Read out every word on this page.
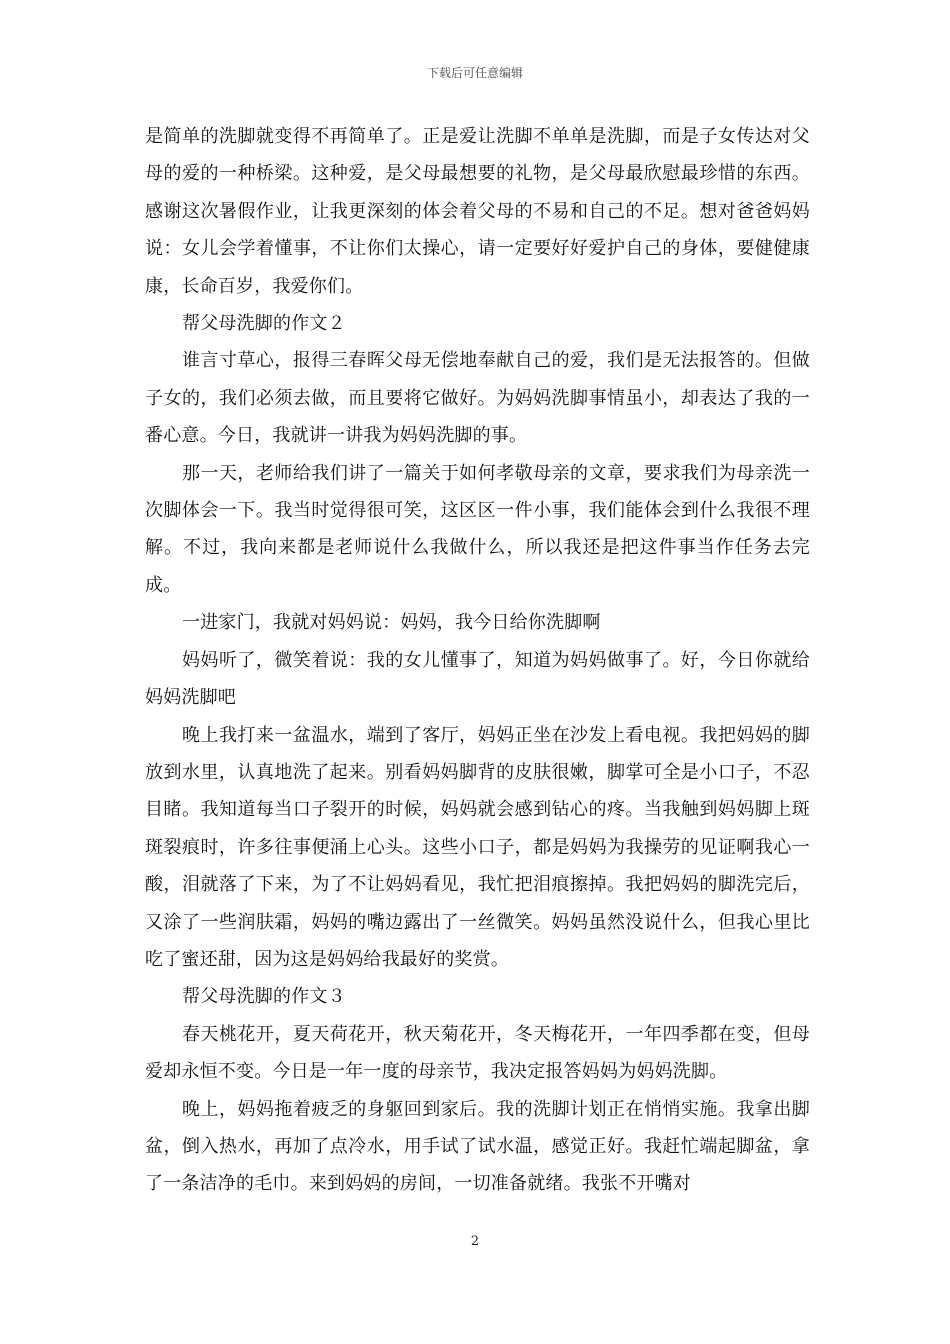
下载后可任意编辑

是简单的洗脚就变得不再简单了。正是爱让洗脚不单单是洗脚，而是子女传达对父母的爱的一种桥梁。这种爱，是父母最想要的礼物，是父母最欣慰最珍惜的东西。感谢这次暑假作业，让我更深刻的体会着父母的不易和自己的不足。想对爸爸妈妈说：女儿会学着懂事，不让你们太操心，请一定要好好爱护自己的身体，要健健康康，长命百岁，我爱你们。

帮父母洗脚的作文２

谁言寸草心，报得三春晖父母无偿地奉献自己的爱，我们是无法报答的。但做子女的，我们必须去做，而且要将它做好。为妈妈洗脚事情虽小，却表达了我的一番心意。今日，我就讲一讲我为妈妈洗脚的事。

那一天，老师给我们讲了一篇关于如何孝敬母亲的文章，要求我们为母亲洗一次脚体会一下。我当时觉得很可笑，这区区一件小事，我们能体会到什么我很不理解。不过，我向来都是老师说什么我做什么，所以我还是把这件事当作任务去完成。

一进家门，我就对妈妈说：妈妈，我今日给你洗脚啊

妈妈听了，微笑着说：我的女儿懂事了，知道为妈妈做事了。好，今日你就给妈妈洗脚吧

晚上我打来一盆温水，端到了客厅，妈妈正坐在沙发上看电视。我把妈妈的脚放到水里，认真地洗了起来。别看妈妈脚背的皮肤很嫩，脚掌可全是小口子，不忍目睹。我知道每当口子裂开的时候，妈妈就会感到钻心的疼。当我触到妈妈脚上斑斑裂痕时，许多往事便涌上心头。这些小口子，都是妈妈为我操劳的见证啊我心一酸，泪就落了下来，为了不让妈妈看见，我忙把泪痕擦掉。我把妈妈的脚洗完后，又涂了一些润肤霜，妈妈的嘴边露出了一丝微笑。妈妈虽然没说什么，但我心里比吃了蜜还甜，因为这是妈妈给我最好的奖赏。

帮父母洗脚的作文３

春天桃花开，夏天荷花开，秋天菊花开，冬天梅花开，一年四季都在变，但母爱却永恒不变。今日是一年一度的母亲节，我决定报答妈妈为妈妈洗脚。

晚上，妈妈拖着疲乏的身躯回到家后。我的洗脚计划正在悄悄实施。我拿出脚盆，倒入热水，再加了点冷水，用手试了试水温，感觉正好。我赶忙端起脚盆，拿了一条洁净的毛巾。来到妈妈的房间，一切准备就绪。我张不开嘴对

2
